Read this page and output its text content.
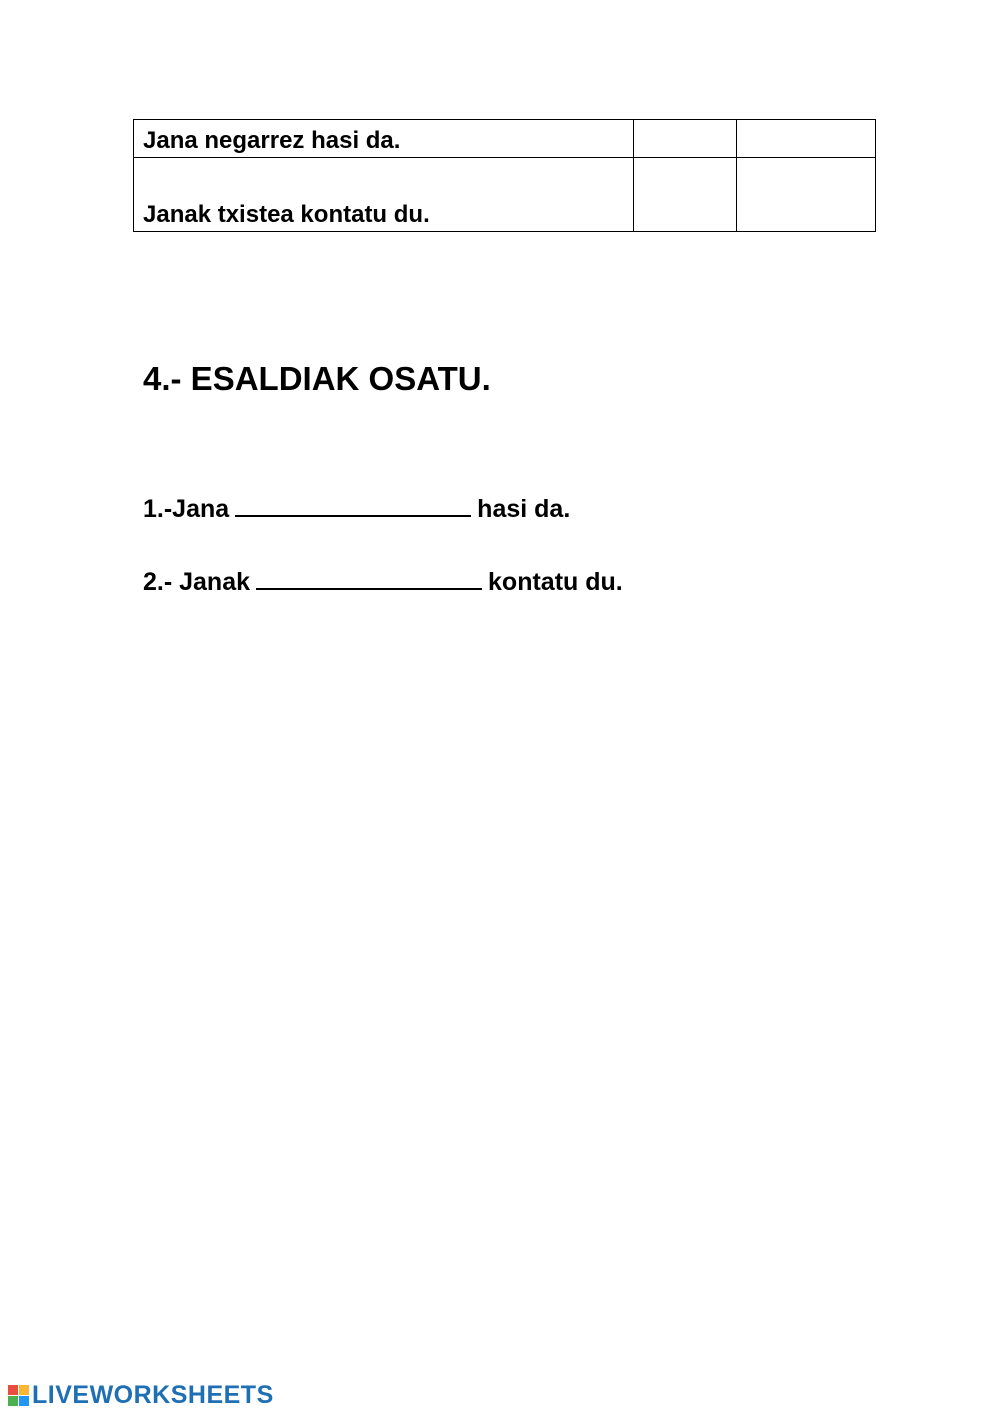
Jana negarrez hasi da.		
Janak txistea kontatu du.		
4.- ESALDIAK OSATU.
1.-Jana	hasi da.
2.- Janak	kontatu du.
LIVEWORKSHEETS
